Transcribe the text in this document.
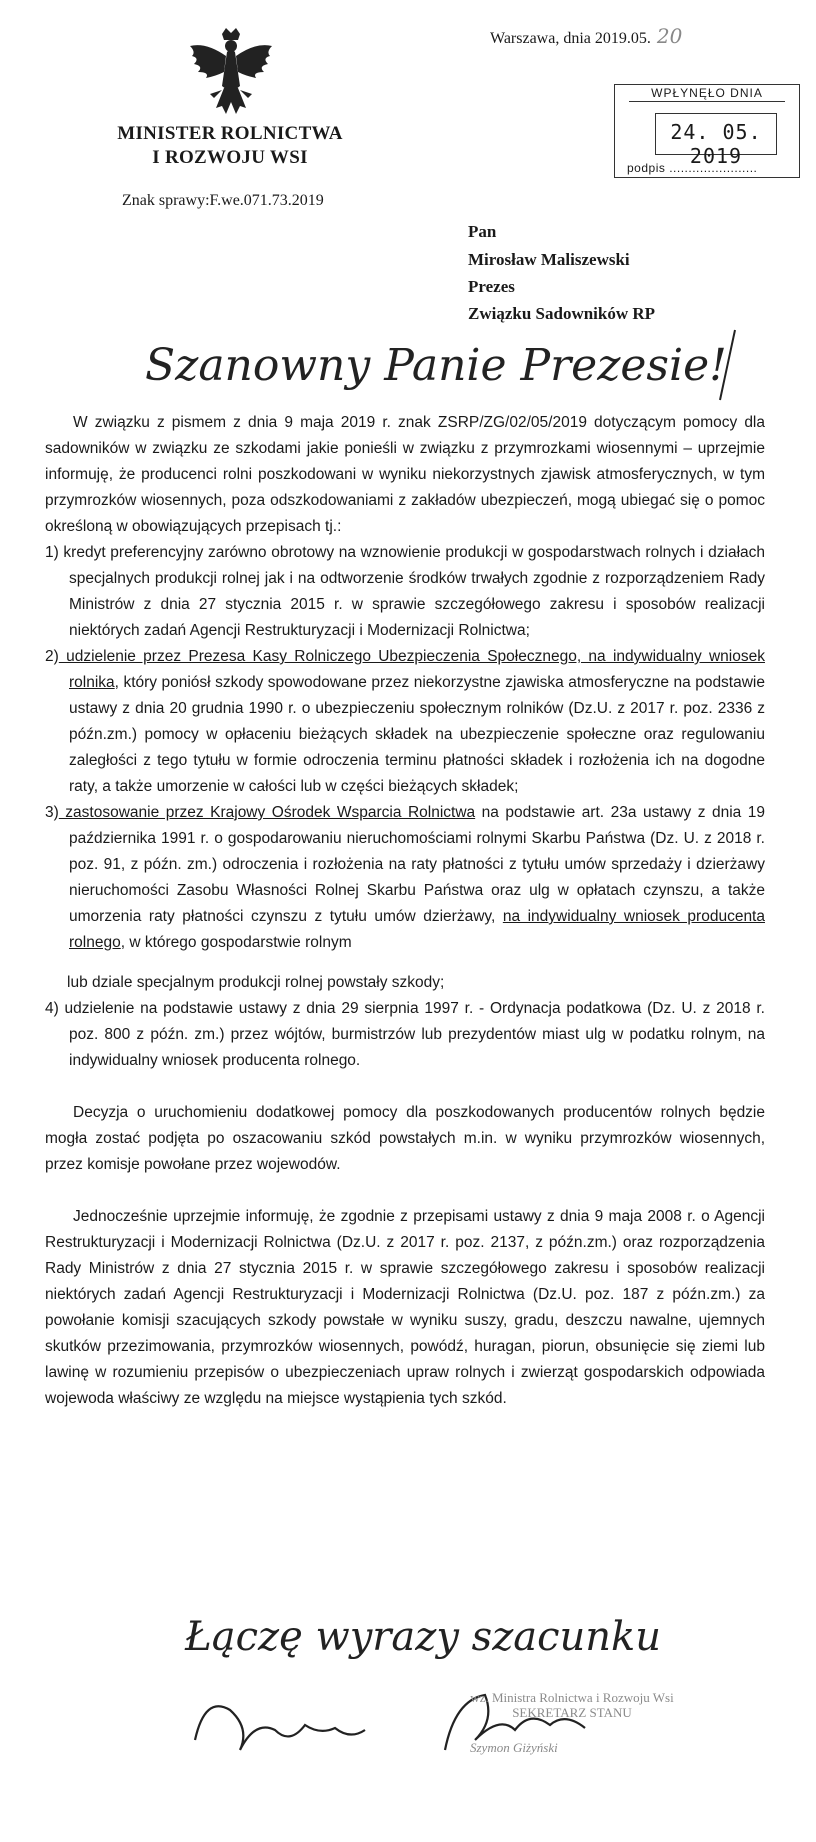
MINISTER ROLNICTWA
I ROZWOJU WSI
Znak sprawy:F.we.071.73.2019
Warszawa, dnia 2019.05. 20
WPŁYNĘŁO DNIA
24. 05. 2019
podpis .......................
Pan
Mirosław Maliszewski
Prezes
Związku Sadowników RP
Szanowny Panie Prezesie!

W związku z pismem z dnia 9 maja 2019 r. znak ZSRP/ZG/02/05/2019 dotyczącym pomocy dla sadowników w związku ze szkodami jakie ponieśli w związku z przymrozkami wiosennymi – uprzejmie informuję, że producenci rolni poszkodowani w wyniku niekorzystnych zjawisk atmosferycznych, w tym przymrozków wiosennych, poza odszkodowaniami z zakładów ubezpieczeń, mogą ubiegać się o pomoc określoną w obowiązujących przepisach tj.:

1) kredyt preferencyjny zarówno obrotowy na wznowienie produkcji w gospodarstwach rolnych i działach specjalnych produkcji rolnej jak i na odtworzenie środków trwałych zgodnie z rozporządzeniem Rady Ministrów z dnia 27 stycznia 2015 r. w sprawie szczegółowego zakresu i sposobów realizacji niektórych zadań Agencji Restrukturyzacji i Modernizacji Rolnictwa;

2) udzielenie przez Prezesa Kasy Rolniczego Ubezpieczenia Społecznego, na indywidualny wniosek rolnika, który poniósł szkody spowodowane przez niekorzystne zjawiska atmosferyczne na podstawie ustawy z dnia 20 grudnia 1990 r. o ubezpieczeniu społecznym rolników (Dz.U. z 2017 r. poz. 2336 z późn.zm.) pomocy w opłaceniu bieżących składek na ubezpieczenie społeczne oraz regulowaniu zaległości z tego tytułu w formie odroczenia terminu płatności składek i rozłożenia ich na dogodne raty, a także umorzenie w całości lub w części bieżących składek;

3) zastosowanie przez Krajowy Ośrodek Wsparcia Rolnictwa na podstawie art. 23a ustawy z dnia 19 października 1991 r. o gospodarowaniu nieruchomościami rolnymi Skarbu Państwa (Dz. U. z 2018 r. poz. 91, z późn. zm.) odroczenia i rozłożenia na raty płatności z tytułu umów sprzedaży i dzierżawy nieruchomości Zasobu Własności Rolnej Skarbu Państwa oraz ulg w opłatach czynszu, a także umorzenia raty płatności czynszu z tytułu umów dzierżawy, na indywidualny wniosek producenta rolnego, w którego gospodarstwie rolnym

lub dziale specjalnym produkcji rolnej powstały szkody;

4) udzielenie na podstawie ustawy z dnia 29 sierpnia 1997 r. - Ordynacja podatkowa (Dz. U. z 2018 r. poz. 800 z późn. zm.) przez wójtów, burmistrzów lub prezydentów miast ulg w podatku rolnym, na indywidualny wniosek producenta rolnego.

Decyzja o uruchomieniu dodatkowej pomocy dla poszkodowanych producentów rolnych będzie mogła zostać podjęta po oszacowaniu szkód powstałych m.in. w wyniku przymrozków wiosennych, przez komisje powołane przez wojewodów.

Jednocześnie uprzejmie informuję, że zgodnie z przepisami ustawy z dnia 9 maja 2008 r. o Agencji Restrukturyzacji i Modernizacji Rolnictwa (Dz.U. z 2017 r. poz. 2137, z późn.zm.) oraz rozporządzenia Rady Ministrów z dnia 27 stycznia 2015 r. w sprawie szczegółowego zakresu i sposobów realizacji niektórych zadań Agencji Restrukturyzacji i Modernizacji Rolnictwa (Dz.U. poz. 187 z późn.zm.) za powołanie komisji szacujących szkody powstałe w wyniku suszy, gradu, deszczu nawalne, ujemnych skutków przezimowania, przymrozków wiosennych, powódź, huragan, piorun, obsunięcie się ziemi lub lawinę w rozumieniu przepisów o ubezpieczeniach upraw rolnych i zwierząt gospodarskich odpowiada wojewoda właściwy ze względu na miejsce wystąpienia tych szkód.

Łączę wyrazy szacunku
wz. Ministra Rolnictwa i Rozwoju Wsi
SEKRETARZ STANU
Szymon Giżyński
